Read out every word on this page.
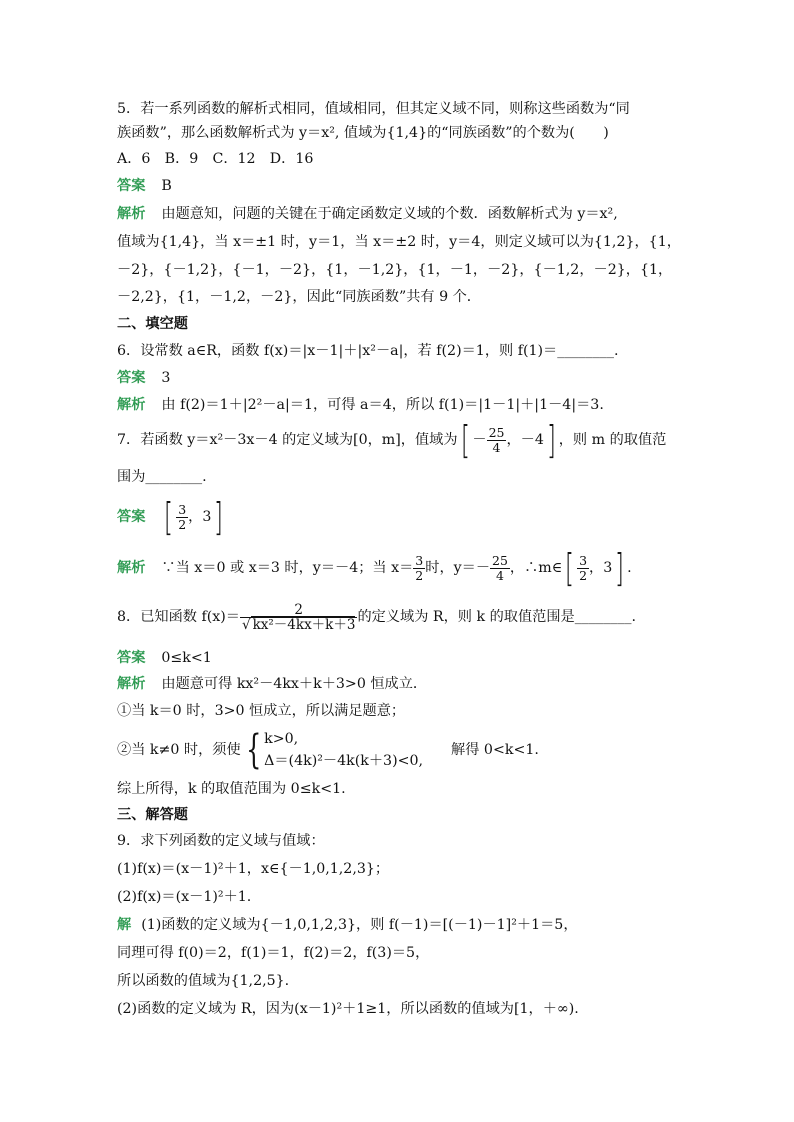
5．若一系列函数的解析式相同，值域相同，但其定义域不同，则称这些函数为“同
族函数”，那么函数解析式为 y＝x², 值域为{1,4}的“同族函数”的个数为(　　)
A．6　B．9　C．12　D．16
答案 B
解析 由题意知，问题的关键在于确定函数定义域的个数．函数解析式为 y＝x²,
值域为{1,4}，当 x＝±1 时，y＝1，当 x＝±2 时，y＝4，则定义域可以为{1,2}，{1，
－2}，{－1,2}，{－1，－2}，{1，－1,2}，{1，－1，－2}，{－1,2，－2}，{1，
－2,2}，{1，－1,2，－2}，因此“同族函数”共有 9 个．
二、填空题
6．设常数 a∈R，函数 f(x)＝|x－1|＋|x²－a|，若 f(2)＝1，则 f(1)＝________.
答案 3
解析 由 f(2)＝1＋|2²－a|＝1，可得 a＝4，所以 f(1)＝|1－1|＋|1－4|＝3.
7．若函数 y＝x²－3x－4 的定义域为[0，m]，值域为[ － $\frac{25}{4}$ ，－4] ，则 m 的取值范
围为________.
答案 [ $\frac{3}{2}$ ，3]
解析 ∵当 x＝0 或 x＝3 时，y＝－4；当 $x= \frac{3}{2}$ 时，$y=- \frac{25}{4}$ ，∴m∈[ $\frac{3}{2}$ ，3] .
8．已知函数 $f(x)= \frac{2}{\text{√ kx²－4kx＋k＋3}}$ 的定义域为 R，则 k 的取值范围是________.
答案 0≤k<1
解析 由题意可得 kx²－4kx＋k＋3>0 恒成立．
①当 k＝0 时，3>0 恒成立，所以满足题意；
②当 k≠0 时，须使 { k>0,
Δ＝(4k)²－4k(k＋3)<0,
解得 0<k<1.
综上所得，k 的取值范围为 0≤k<1.
三、解答题
9．求下列函数的定义域与值域：
(1)f(x)＝(x－1)²＋1，x∈{－1,0,1,2,3}；
(2)f(x)＝(x－1)²＋1.
解 (1)函数的定义域为{－1,0,1,2,3}，则 f(－1)＝[(－1)－1]²＋1＝5，
同理可得 f(0)＝2，f(1)＝1，f(2)＝2，f(3)＝5，
所以函数的值域为{1,2,5}.
(2)函数的定义域为 R，因为(x－1)²＋1≥1，所以函数的值域为[1，＋∞).
